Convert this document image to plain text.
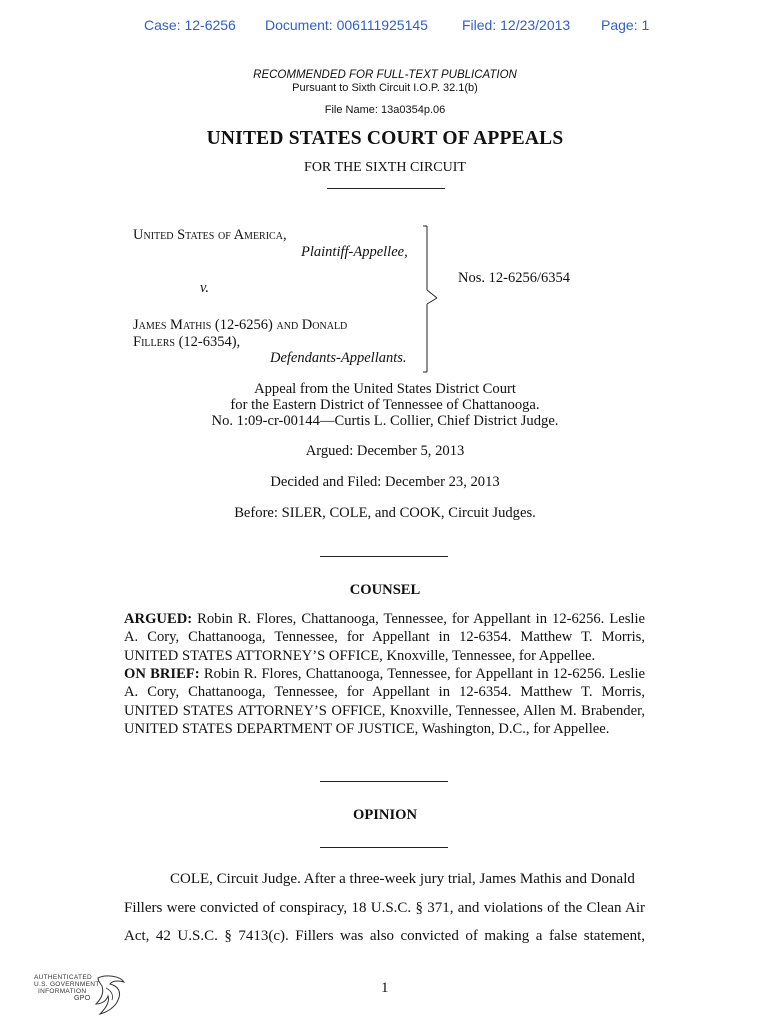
Case: 12-6256 Document: 006111925145 Filed: 12/23/2013 Page: 1
RECOMMENDED FOR FULL-TEXT PUBLICATION
Pursuant to Sixth Circuit I.O.P. 32.1(b)
File Name: 13a0354p.06
UNITED STATES COURT OF APPEALS
FOR THE SIXTH CIRCUIT
United States of America,
Plaintiff-Appellee,
v.
James Mathis (12-6256) and Donald
Fillers (12-6354),
Defendants-Appellants.
Nos. 12-6256/6354
Appeal from the United States District Court
for the Eastern District of Tennessee of Chattanooga.
No. 1:09-cr-00144—Curtis L. Collier, Chief District Judge.
Argued: December 5, 2013
Decided and Filed: December 23, 2013
Before: SILER, COLE, and COOK, Circuit Judges.
COUNSEL
ARGUED: Robin R. Flores, Chattanooga, Tennessee, for Appellant in 12-6256. Leslie A. Cory, Chattanooga, Tennessee, for Appellant in 12-6354. Matthew T. Morris, UNITED STATES ATTORNEY’S OFFICE, Knoxville, Tennessee, for Appellee.
ON BRIEF: Robin R. Flores, Chattanooga, Tennessee, for Appellant in 12-6256. Leslie A. Cory, Chattanooga, Tennessee, for Appellant in 12-6354. Matthew T. Morris, UNITED STATES ATTORNEY’S OFFICE, Knoxville, Tennessee, Allen M. Brabender, UNITED STATES DEPARTMENT OF JUSTICE, Washington, D.C., for Appellee.
OPINION
COLE, Circuit Judge. After a three-week jury trial, James Mathis and Donald
Fillers were convicted of conspiracy, 18 U.S.C. § 371, and violations of the Clean Air
Act, 42 U.S.C. § 7413(c). Fillers was also convicted of making a false statement,
1
AUTHENTICATED
U.S. GOVERNMENT
INFORMATION
GPO
